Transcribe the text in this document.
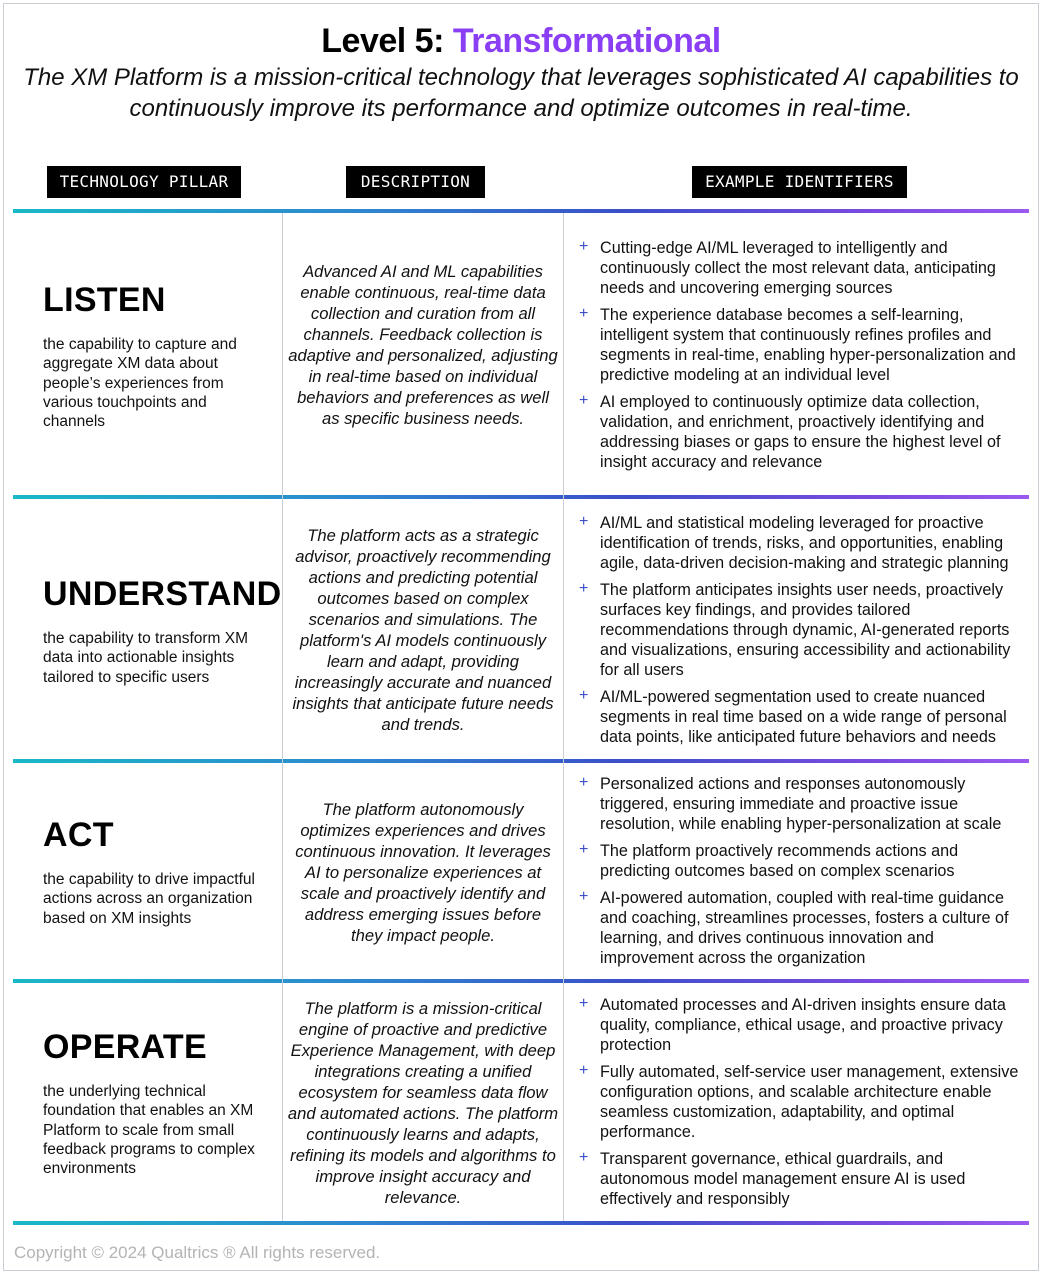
Level 5: Transformational

The XM Platform is a mission-critical technology that leverages sophisticated AI capabilities to continuously improve its performance and optimize outcomes in real-time.

TECHNOLOGY PILLAR	DESCRIPTION	EXAMPLE IDENTIFIERS
LISTEN
the capability to capture and aggregate XM data about people’s experiences from various touchpoints and channels
Advanced AI and ML capabilities enable continuous, real-time data collection and curation from all channels. Feedback collection is adaptive and personalized, adjusting in real-time based on individual behaviors and preferences as well as specific business needs.
+ Cutting-edge AI/ML leveraged to intelligently and continuously collect the most relevant data, anticipating needs and uncovering emerging sources
+ The experience database becomes a self-learning, intelligent system that continuously refines profiles and segments in real-time, enabling hyper-personalization and predictive modeling at an individual level
+ AI employed to continuously optimize data collection, validation, and enrichment, proactively identifying and addressing biases or gaps to ensure the highest level of insight accuracy and relevance
UNDERSTAND
the capability to transform XM data into actionable insights tailored to specific users
The platform acts as a strategic advisor, proactively recommending actions and predicting potential outcomes based on complex scenarios and simulations. The platform's AI models continuously learn and adapt, providing increasingly accurate and nuanced insights that anticipate future needs and trends.
+ AI/ML and statistical modeling leveraged for proactive identification of trends, risks, and opportunities, enabling agile, data-driven decision-making and strategic planning
+ The platform anticipates insights user needs, proactively surfaces key findings, and provides tailored recommendations through dynamic, AI-generated reports and visualizations, ensuring accessibility and actionability for all users
+ AI/ML-powered segmentation used to create nuanced segments in real time based on a wide range of personal data points, like anticipated future behaviors and needs
ACT
the capability to drive impactful actions across an organization based on XM insights
The platform autonomously optimizes experiences and drives continuous innovation. It leverages AI to personalize experiences at scale and proactively identify and address emerging issues before they impact people.
+ Personalized actions and responses autonomously triggered, ensuring immediate and proactive issue resolution, while enabling hyper-personalization at scale
+ The platform proactively recommends actions and predicting outcomes based on complex scenarios
+ AI-powered automation, coupled with real-time guidance and coaching, streamlines processes, fosters a culture of learning, and drives continuous innovation and improvement across the organization
OPERATE
the underlying technical foundation that enables an XM Platform to scale from small feedback programs to complex environments
The platform is a mission-critical engine of proactive and predictive Experience Management, with deep integrations creating a unified ecosystem for seamless data flow and automated actions. The platform continuously learns and adapts, refining its models and algorithms to improve insight accuracy and relevance.
+ Automated processes and AI-driven insights ensure data quality, compliance, ethical usage, and proactive privacy protection
+ Fully automated, self-service user management, extensive configuration options, and scalable architecture enable seamless customization, adaptability, and optimal performance.
+ Transparent governance, ethical guardrails, and autonomous model management ensure AI is used effectively and responsibly
Copyright © 2024 Qualtrics ® All rights reserved.
